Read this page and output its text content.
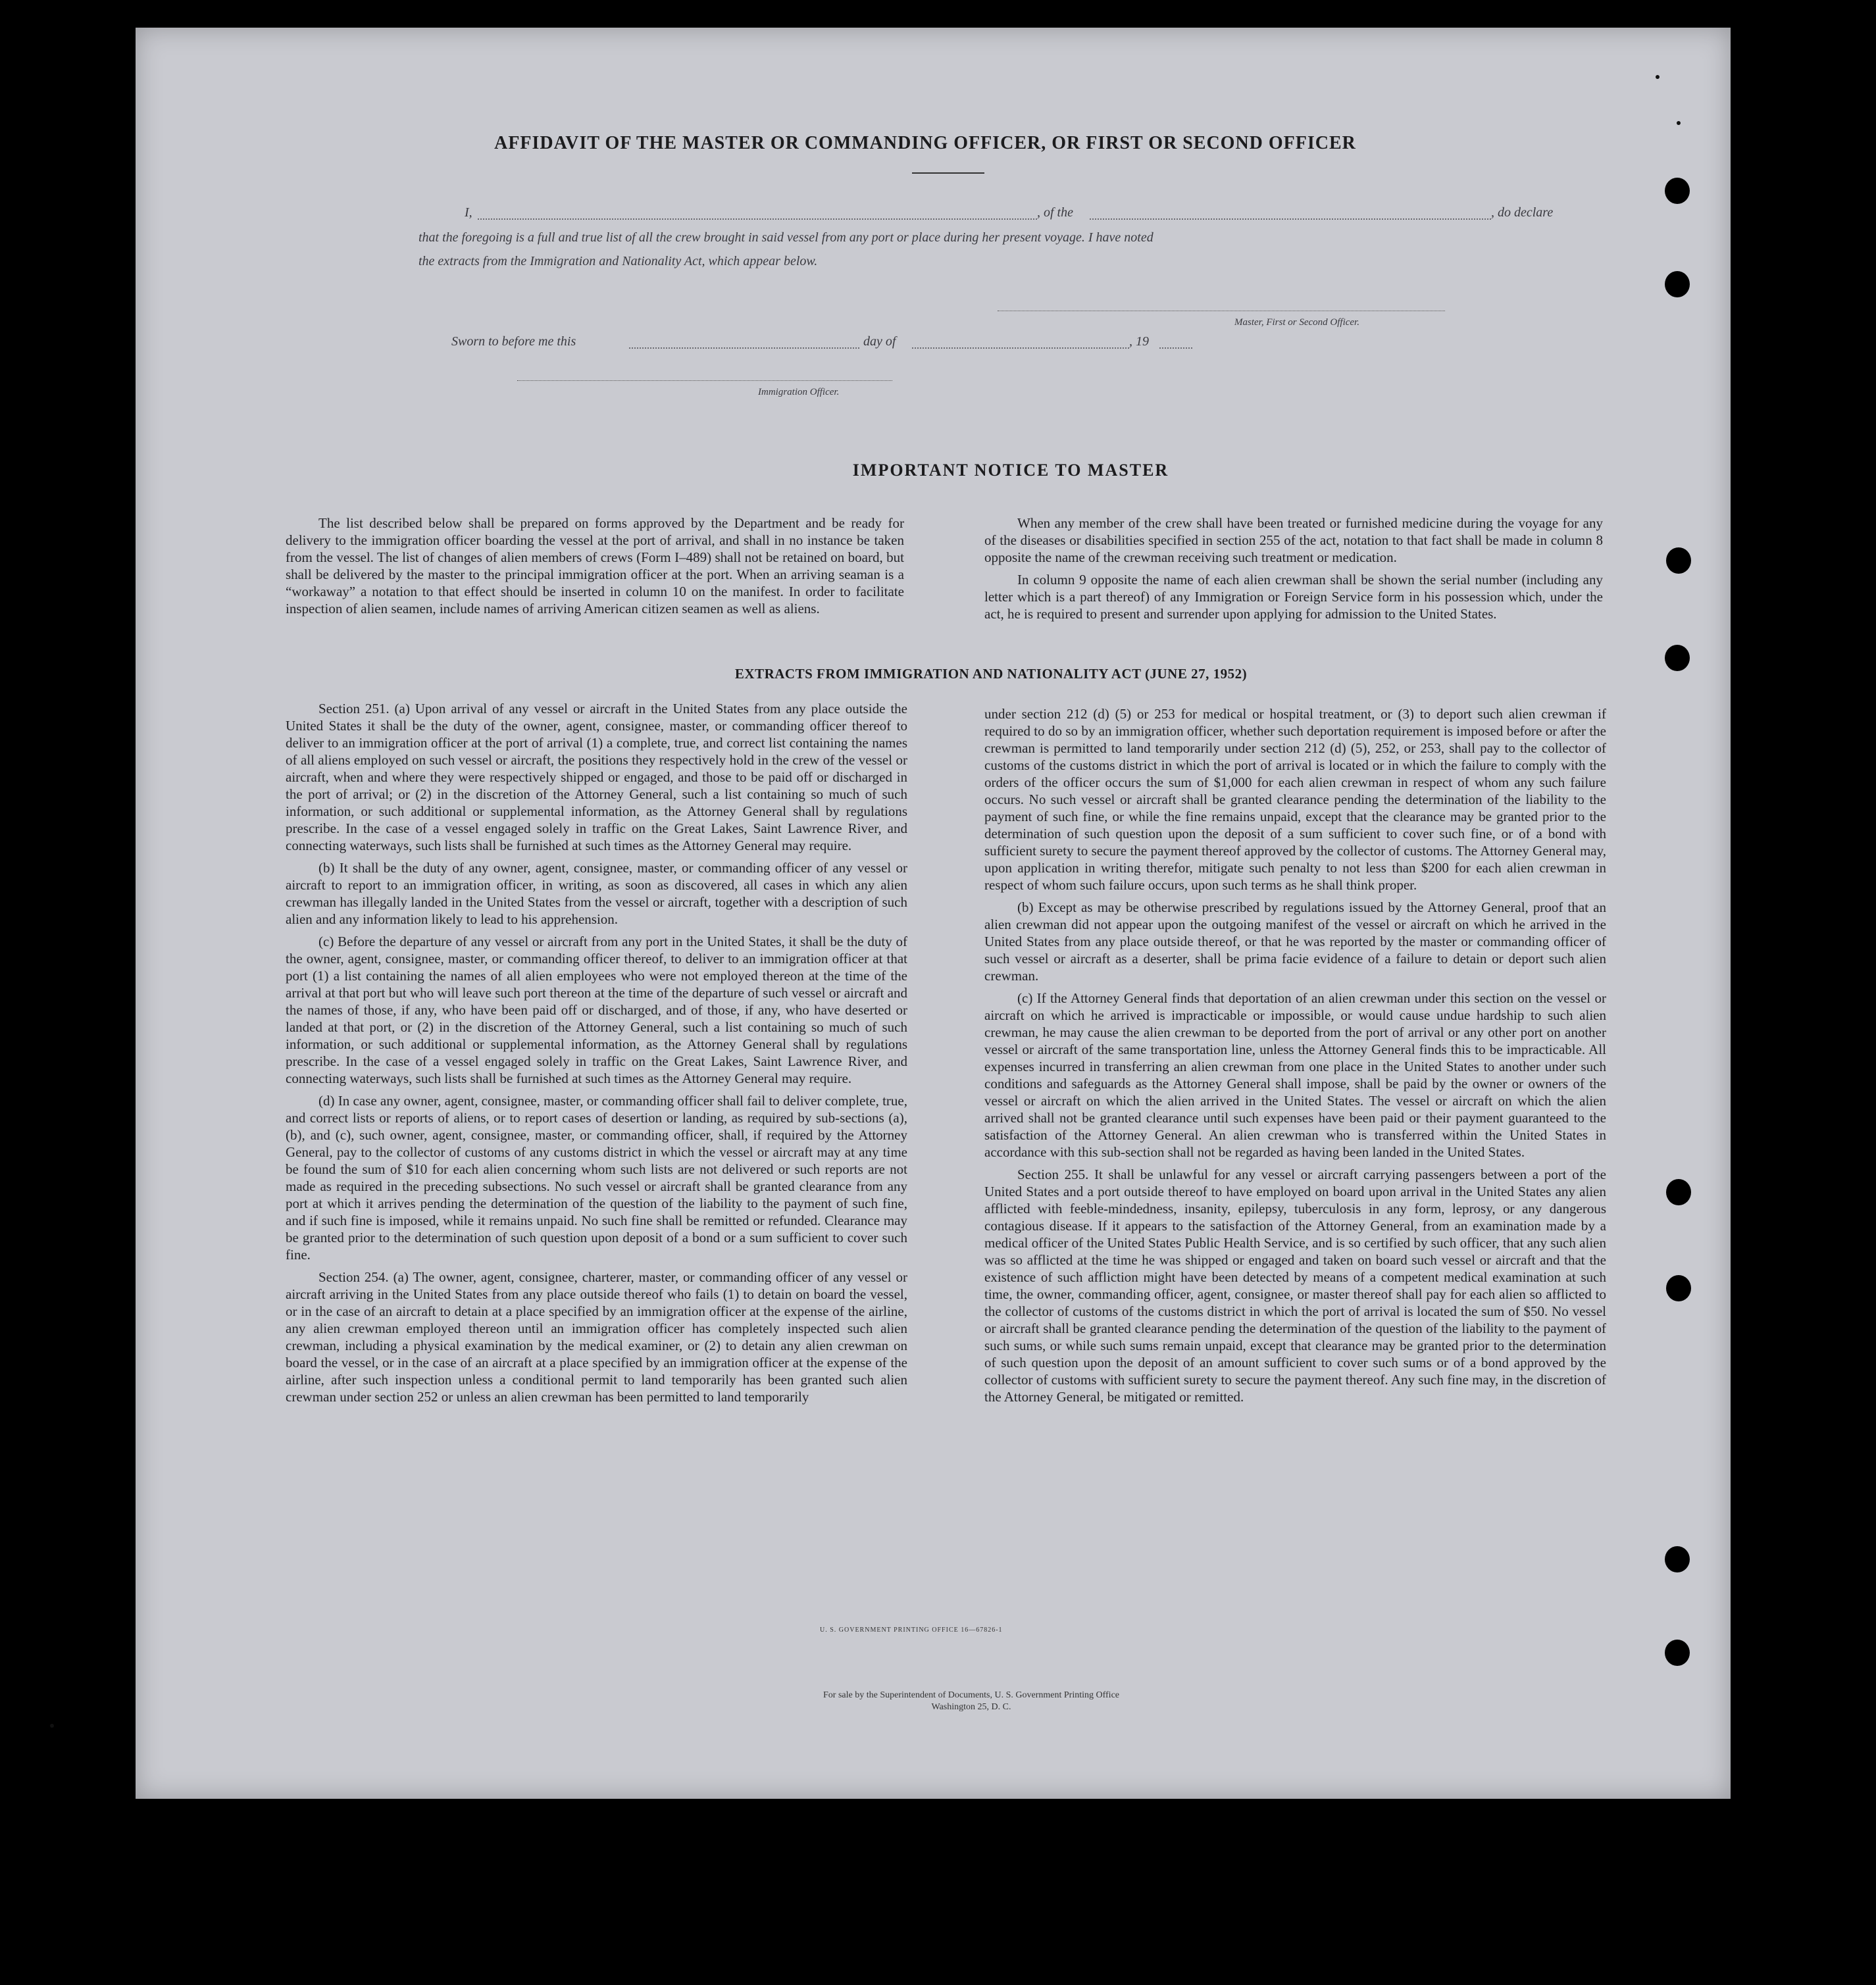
AFFIDAVIT OF THE MASTER OR COMMANDING OFFICER, OR FIRST OR SECOND OFFICER
I,	, of the	, do declare
that the foregoing is a full and true list of all the crew brought in said vessel from any port or place during her present voyage. I have noted
the extracts from the Immigration and Nationality Act, which appear below.
Master, First or Second Officer.
Sworn to before me this	day of	, 19
Immigration Officer.
IMPORTANT NOTICE TO MASTER

The list described below shall be prepared on forms approved by the Department and be ready for delivery to the immigration officer boarding the vessel at the port of arrival, and shall in no instance be taken from the vessel. The list of changes of alien members of crews (Form I–489) shall not be retained on board, but shall be delivered by the master to the principal immigration officer at the port. When an arriving seaman is a “workaway” a notation to that effect should be inserted in column 10 on the manifest. In order to facilitate inspection of alien seamen, include names of arriving American citizen seamen as well as aliens.

When any member of the crew shall have been treated or furnished medicine during the voyage for any of the diseases or disabilities specified in section 255 of the act, notation to that fact shall be made in column 8 opposite the name of the crewman receiving such treatment or medication.

In column 9 opposite the name of each alien crewman shall be shown the serial number (including any letter which is a part thereof) of any Immigration or Foreign Service form in his possession which, under the act, he is required to present and surrender upon applying for admission to the United States.

EXTRACTS FROM IMMIGRATION AND NATIONALITY ACT (JUNE 27, 1952)

Section 251. (a) Upon arrival of any vessel or aircraft in the United States from any place outside the United States it shall be the duty of the owner, agent, consignee, master, or commanding officer thereof to deliver to an immigration officer at the port of arrival (1) a complete, true, and correct list containing the names of all aliens employed on such vessel or aircraft, the positions they respectively hold in the crew of the vessel or aircraft, when and where they were respectively shipped or engaged, and those to be paid off or discharged in the port of arrival; or (2) in the discretion of the Attorney General, such a list containing so much of such information, or such additional or supplemental information, as the Attorney General shall by regulations prescribe. In the case of a vessel engaged solely in traffic on the Great Lakes, Saint Lawrence River, and connecting waterways, such lists shall be furnished at such times as the Attorney General may require.

(b) It shall be the duty of any owner, agent, consignee, master, or commanding officer of any vessel or aircraft to report to an immigration officer, in writing, as soon as discovered, all cases in which any alien crewman has illegally landed in the United States from the vessel or aircraft, together with a description of such alien and any information likely to lead to his apprehension.

(c) Before the departure of any vessel or aircraft from any port in the United States, it shall be the duty of the owner, agent, consignee, master, or commanding officer thereof, to deliver to an immigration officer at that port (1) a list containing the names of all alien employees who were not employed thereon at the time of the arrival at that port but who will leave such port thereon at the time of the departure of such vessel or aircraft and the names of those, if any, who have been paid off or discharged, and of those, if any, who have deserted or landed at that port, or (2) in the discretion of the Attorney General, such a list containing so much of such information, or such additional or supplemental information, as the Attorney General shall by regulations prescribe. In the case of a vessel engaged solely in traffic on the Great Lakes, Saint Lawrence River, and connecting waterways, such lists shall be furnished at such times as the Attorney General may require.

(d) In case any owner, agent, consignee, master, or commanding officer shall fail to deliver complete, true, and correct lists or reports of aliens, or to report cases of desertion or landing, as required by sub-sections (a), (b), and (c), such owner, agent, consignee, master, or commanding officer, shall, if required by the Attorney General, pay to the collector of customs of any customs district in which the vessel or aircraft may at any time be found the sum of $10 for each alien concerning whom such lists are not delivered or such reports are not made as required in the preceding subsections. No such vessel or aircraft shall be granted clearance from any port at which it arrives pending the determination of the question of the liability to the payment of such fine, and if such fine is imposed, while it remains unpaid. No such fine shall be remitted or refunded. Clearance may be granted prior to the determination of such question upon deposit of a bond or a sum sufficient to cover such fine.

Section 254. (a) The owner, agent, consignee, charterer, master, or commanding officer of any vessel or aircraft arriving in the United States from any place outside thereof who fails (1) to detain on board the vessel, or in the case of an aircraft to detain at a place specified by an immigration officer at the expense of the airline, any alien crewman employed thereon until an immigration officer has completely inspected such alien crewman, including a physical examination by the medical examiner, or (2) to detain any alien crewman on board the vessel, or in the case of an aircraft at a place specified by an immigration officer at the expense of the airline, after such inspection unless a conditional permit to land temporarily has been granted such alien crewman under section 252 or unless an alien crewman has been permitted to land temporarily

under section 212 (d) (5) or 253 for medical or hospital treatment, or (3) to deport such alien crewman if required to do so by an immigration officer, whether such deportation requirement is imposed before or after the crewman is permitted to land temporarily under section 212 (d) (5), 252, or 253, shall pay to the collector of customs of the customs district in which the port of arrival is located or in which the failure to comply with the orders of the officer occurs the sum of $1,000 for each alien crewman in respect of whom any such failure occurs. No such vessel or aircraft shall be granted clearance pending the determination of the liability to the payment of such fine, or while the fine remains unpaid, except that the clearance may be granted prior to the determination of such question upon the deposit of a sum sufficient to cover such fine, or of a bond with sufficient surety to secure the payment thereof approved by the collector of customs. The Attorney General may, upon application in writing therefor, mitigate such penalty to not less than $200 for each alien crewman in respect of whom such failure occurs, upon such terms as he shall think proper.

(b) Except as may be otherwise prescribed by regulations issued by the Attorney General, proof that an alien crewman did not appear upon the outgoing manifest of the vessel or aircraft on which he arrived in the United States from any place outside thereof, or that he was reported by the master or commanding officer of such vessel or aircraft as a deserter, shall be prima facie evidence of a failure to detain or deport such alien crewman.

(c) If the Attorney General finds that deportation of an alien crewman under this section on the vessel or aircraft on which he arrived is impracticable or impossible, or would cause undue hardship to such alien crewman, he may cause the alien crewman to be deported from the port of arrival or any other port on another vessel or aircraft of the same transportation line, unless the Attorney General finds this to be impracticable. All expenses incurred in transferring an alien crewman from one place in the United States to another under such conditions and safeguards as the Attorney General shall impose, shall be paid by the owner or owners of the vessel or aircraft on which the alien arrived in the United States. The vessel or aircraft on which the alien arrived shall not be granted clearance until such expenses have been paid or their payment guaranteed to the satisfaction of the Attorney General. An alien crewman who is transferred within the United States in accordance with this sub-section shall not be regarded as having been landed in the United States.

Section 255. It shall be unlawful for any vessel or aircraft carrying passengers between a port of the United States and a port outside thereof to have employed on board upon arrival in the United States any alien afflicted with feeble-mindedness, insanity, epilepsy, tuberculosis in any form, leprosy, or any dangerous contagious disease. If it appears to the satisfaction of the Attorney General, from an examination made by a medical officer of the United States Public Health Service, and is so certified by such officer, that any such alien was so afflicted at the time he was shipped or engaged and taken on board such vessel or aircraft and that the existence of such affliction might have been detected by means of a competent medical examination at such time, the owner, commanding officer, agent, consignee, or master thereof shall pay for each alien so afflicted to the collector of customs of the customs district in which the port of arrival is located the sum of $50. No vessel or aircraft shall be granted clearance pending the determination of the question of the liability to the payment of such sums, or while such sums remain unpaid, except that clearance may be granted prior to the determination of such question upon the deposit of an amount sufficient to cover such sums or of a bond approved by the collector of customs with sufficient surety to secure the payment thereof. Any such fine may, in the discretion of the Attorney General, be mitigated or remitted.

U. S. GOVERNMENT PRINTING OFFICE 16—67826-1
For sale by the Superintendent of Documents, U. S. Government Printing Office
Washington 25, D. C.
